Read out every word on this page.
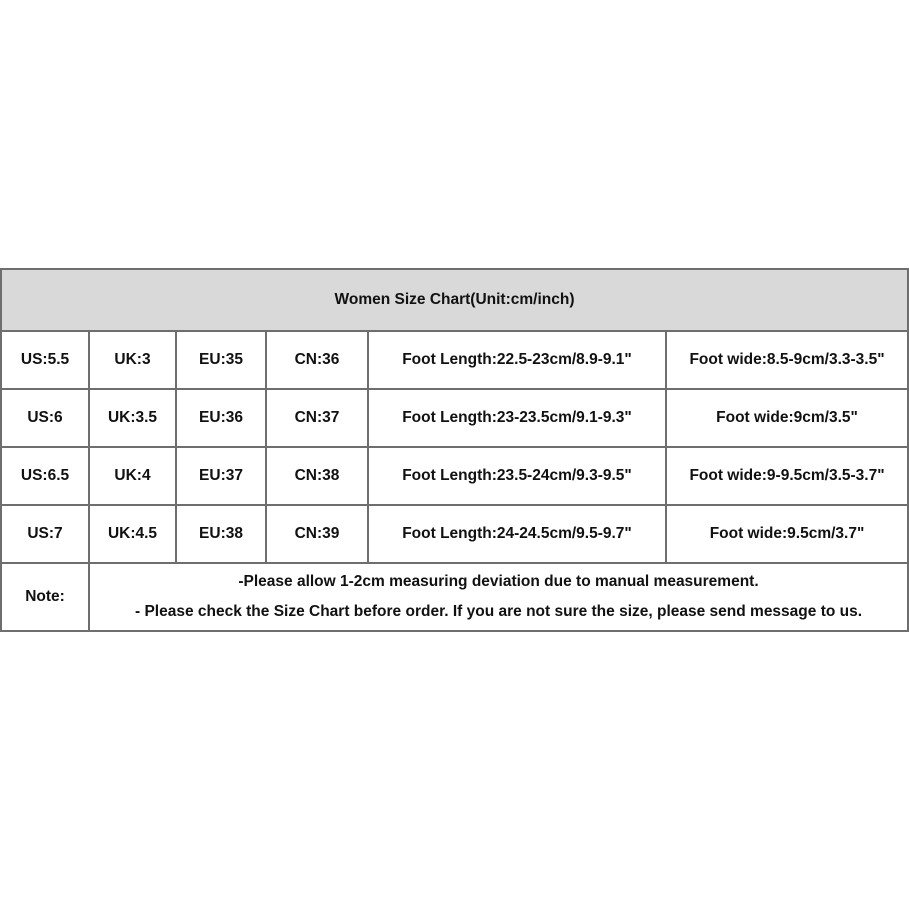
Women Size Chart(Unit:cm/inch)					
US:5.5	UK:3	EU:35	CN:36	Foot Length:22.5-23cm/8.9-9.1"	Foot wide:8.5-9cm/3.3-3.5"
US:6	UK:3.5	EU:36	CN:37	Foot Length:23-23.5cm/9.1-9.3"	Foot wide:9cm/3.5"
US:6.5	UK:4	EU:37	CN:38	Foot Length:23.5-24cm/9.3-9.5"	Foot wide:9-9.5cm/3.5-3.7"
US:7	UK:4.5	EU:38	CN:39	Foot Length:24-24.5cm/9.5-9.7"	Foot wide:9.5cm/3.7"
Note:	-Please allow 1-2cm measuring deviation due to manual measurement.
- Please check the Size Chart before order. If you are not sure the size, please send message to us.				
